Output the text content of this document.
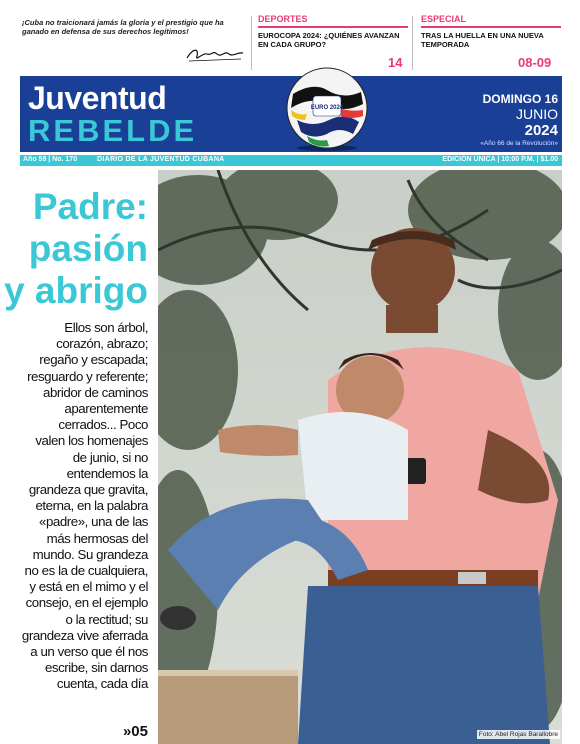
¡Cuba no traicionará jamás la gloria y el prestigio que ha ganado en defensa de sus derechos legítimos!
DEPORTES
EUROCOPA 2024: ¿QUIÉNES AVANZAN EN CADA GRUPO?
14
ESPECIAL
TRAS LA HUELLA EN UNA NUEVA TEMPORADA
08-09
Juventud
REBELDE
EURO 2024
DOMINGO 16
JUNIO
2024
«Año 66 de la Revolución»
Año 59 | No. 170	DIARIO DE LA JUVENTUD CUBANA	EDICIÓN ÚNICA | 10:00 P.M. | $1.00
Padre:
pasión
y abrigo
Ellos son árbol,
corazón, abrazo;
regaño y escapada;
resguardo y referente;
abridor de caminos
aparentemente
cerrados... Poco
valen los homenajes
de junio, si no
entendemos la
grandeza que gravita,
eterna, en la palabra
«padre», una de las
más hermosas del
mundo. Su grandeza
no es la de cualquiera,
y está en el mimo y el
consejo, en el ejemplo
o la rectitud; su
grandeza vive aferrada
a un verso que él nos
escribe, sin darnos
cuenta, cada día
»05	Foto: Abel Rojas Barallobre
